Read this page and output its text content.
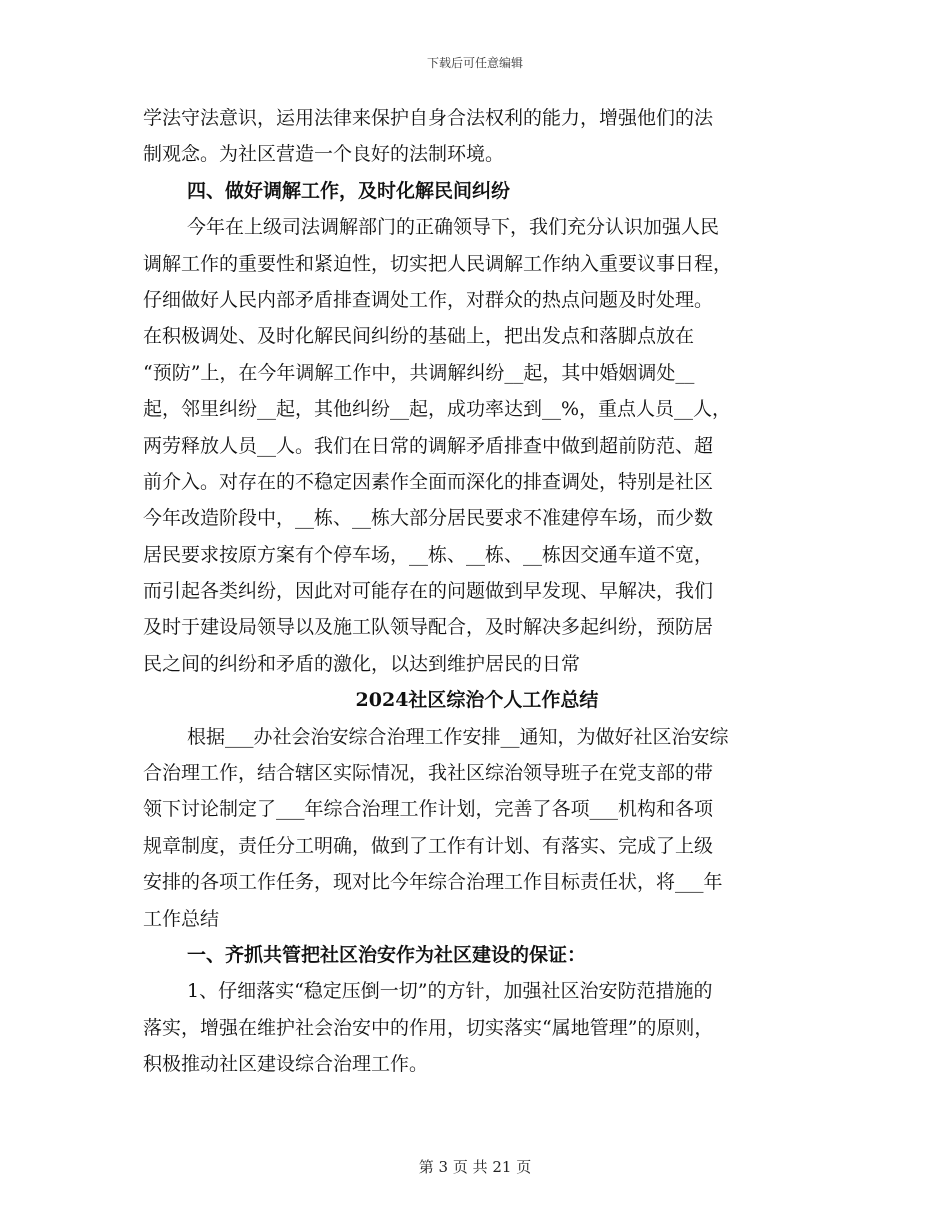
下载后可任意编辑
学法守法意识，运用法律来保护自身合法权利的能力，增强他们的法
制观念。为社区营造一个良好的法制环境。
四、做好调解工作，及时化解民间纠纷
今年在上级司法调解部门的正确领导下，我们充分认识加强人民
调解工作的重要性和紧迫性，切实把人民调解工作纳入重要议事日程，
仔细做好人民内部矛盾排查调处工作，对群众的热点问题及时处理。
在积极调处、及时化解民间纠纷的基础上，把出发点和落脚点放在
“预防”上，在今年调解工作中，共调解纠纷__起，其中婚姻调处__
起，邻里纠纷__起，其他纠纷__起，成功率达到__%，重点人员__人，
两劳释放人员__人。我们在日常的调解矛盾排查中做到超前防范、超
前介入。对存在的不稳定因素作全面而深化的排查调处，特别是社区
今年改造阶段中，__栋、__栋大部分居民要求不准建停车场，而少数
居民要求按原方案有个停车场，__栋、__栋、__栋因交通车道不宽，
而引起各类纠纷，因此对可能存在的问题做到早发现、早解决，我们
及时于建设局领导以及施工队领导配合，及时解决多起纠纷，预防居
民之间的纠纷和矛盾的激化，以达到维护居民的日常
2024社区综治个人工作总结
根据___办社会治安综合治理工作安排__通知，为做好社区治安综
合治理工作，结合辖区实际情况，我社区综治领导班子在党支部的带
领下讨论制定了___年综合治理工作计划，完善了各项___机构和各项
规章制度，责任分工明确，做到了工作有计划、有落实、完成了上级
安排的各项工作任务，现对比今年综合治理工作目标责任状，将___年
工作总结
一、齐抓共管把社区治安作为社区建设的保证：
1、仔细落实“稳定压倒一切”的方针，加强社区治安防范措施的
落实，增强在维护社会治安中的作用，切实落实“属地管理”的原则，
积极推动社区建设综合治理工作。
第 3 页 共 21 页
